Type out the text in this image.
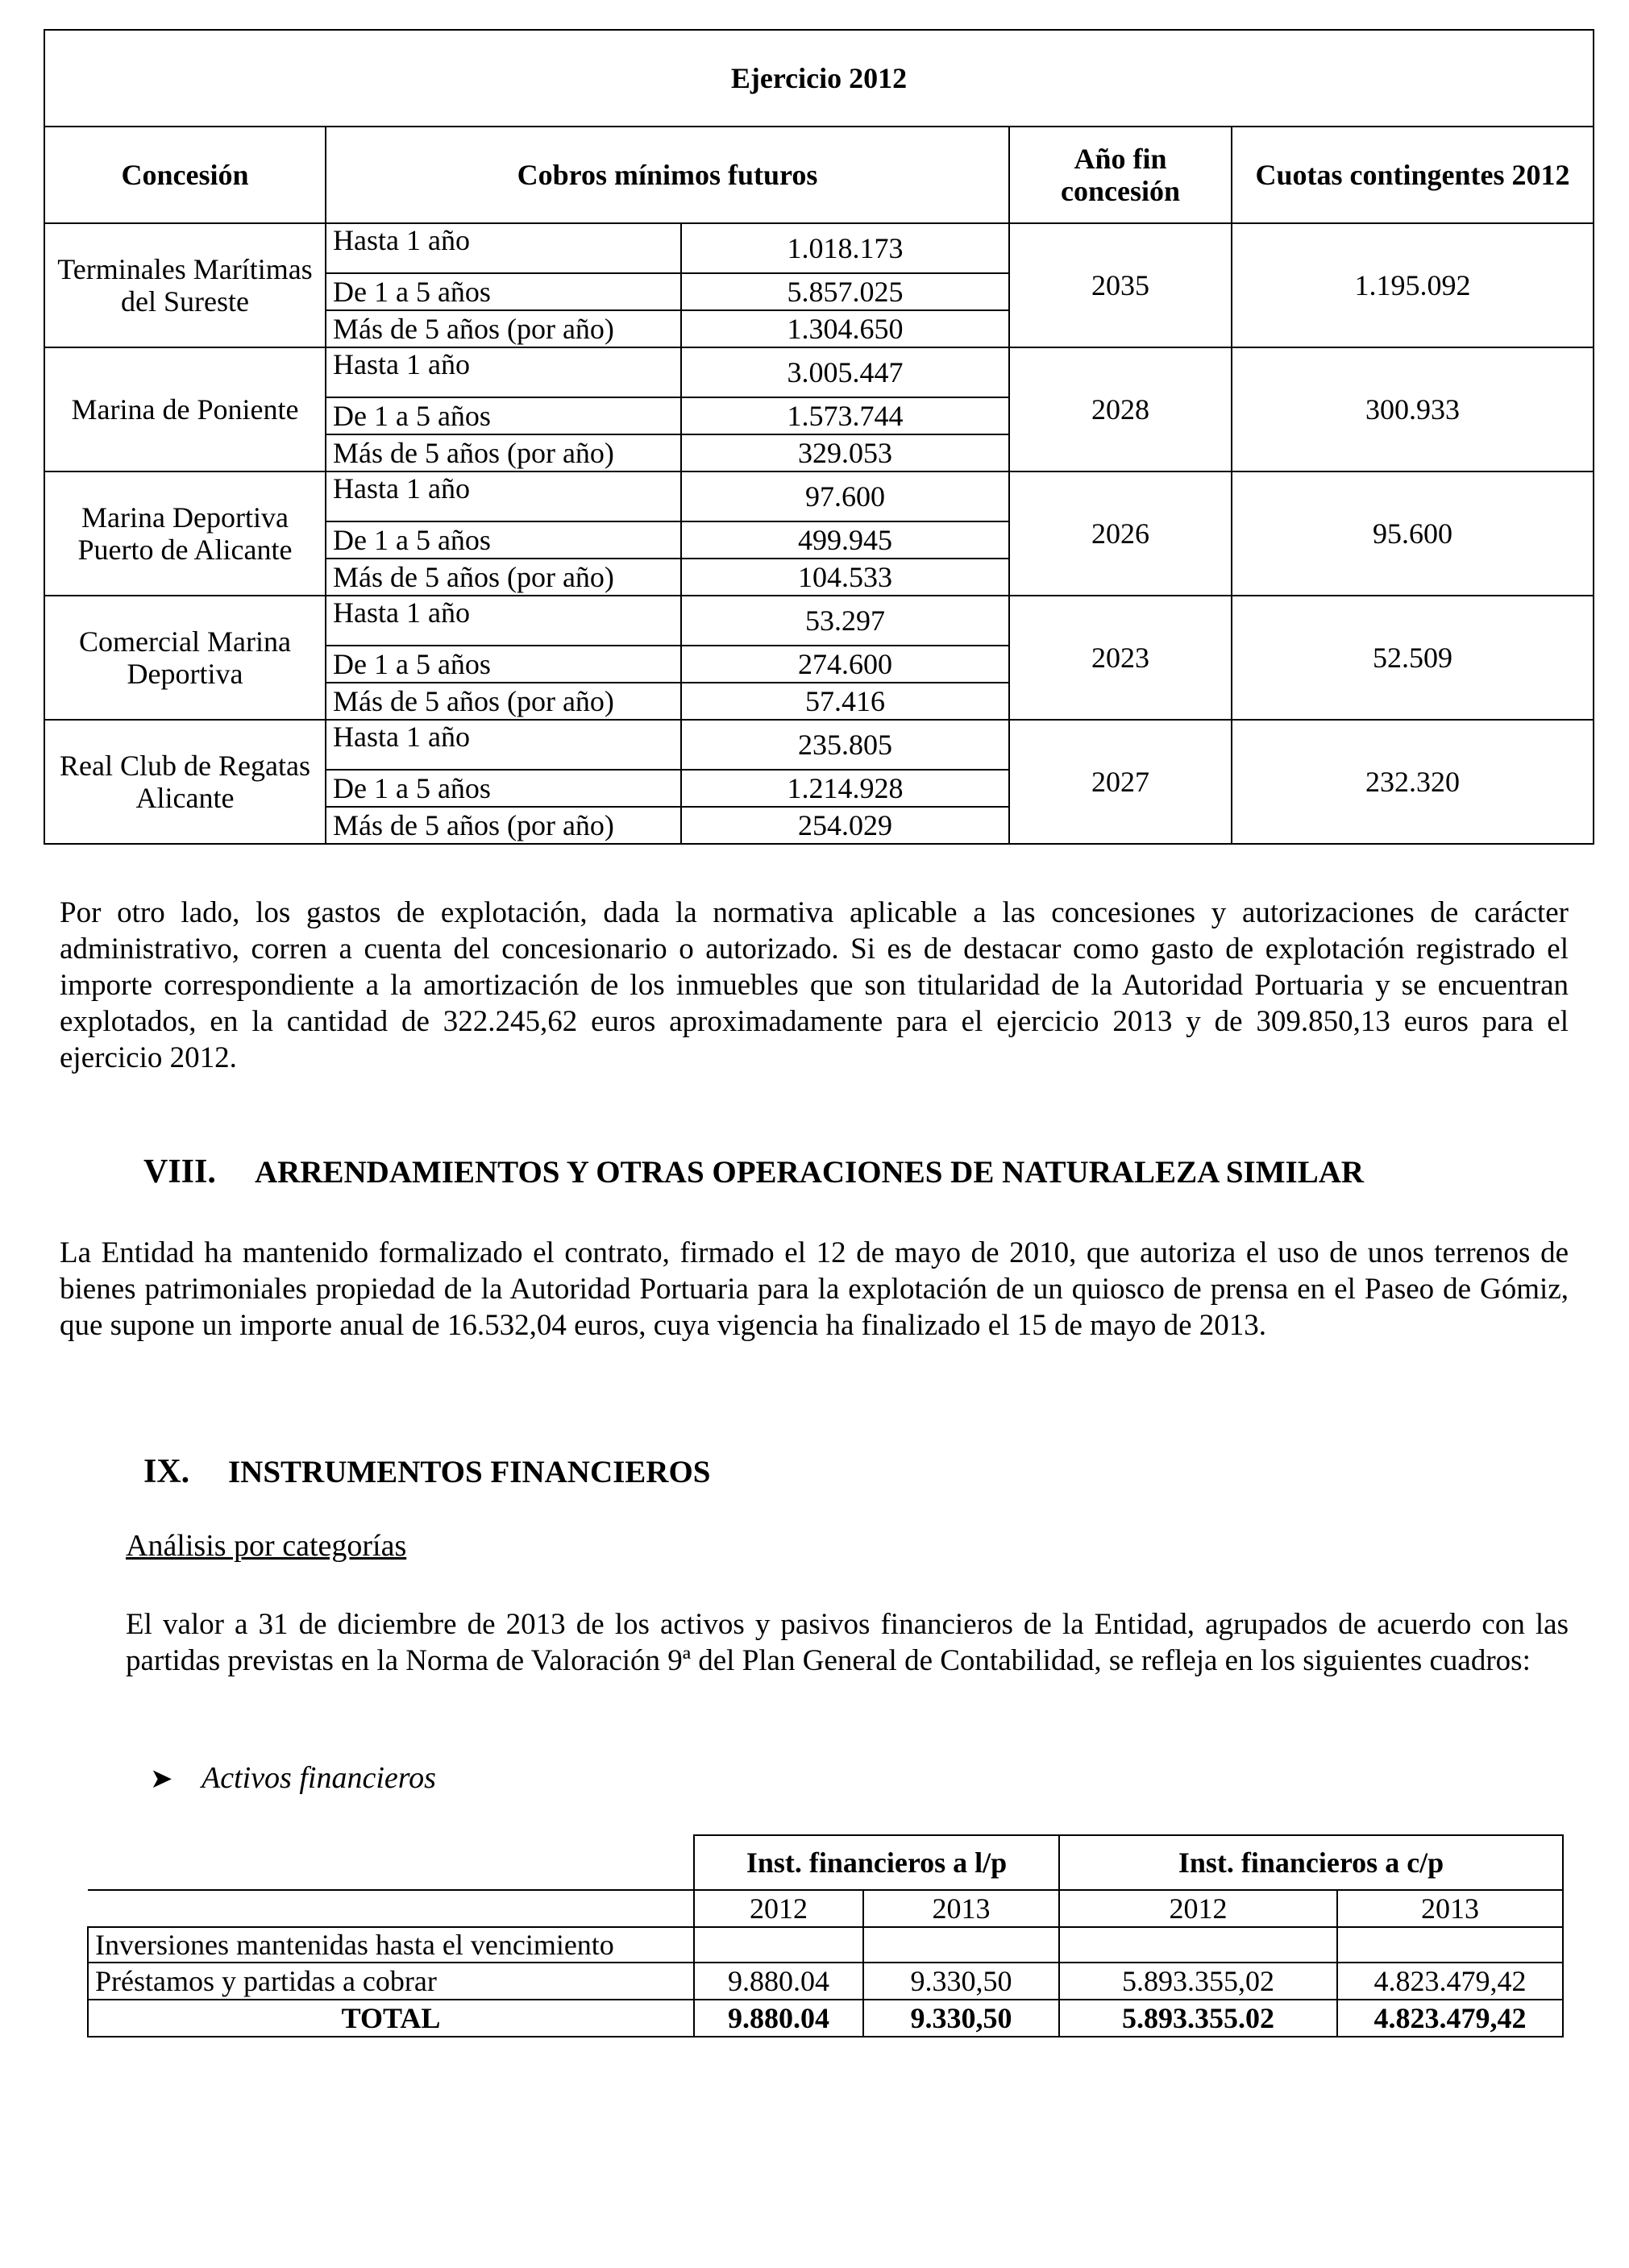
Ejercicio 2012				
Concesión	Cobros mínimos futuros		Año fin concesión	Cuotas contingentes 2012
Terminales Marítimas del Sureste	Hasta 1 año	1.018.173	2035	1.195.092
	De 1 a 5 años	5.857.025		
	Más de 5 años (por año)	1.304.650		
Marina de Poniente	Hasta 1 año	3.005.447	2028	300.933
	De 1 a 5 años	1.573.744		
	Más de 5 años (por año)	329.053		
Marina Deportiva Puerto de Alicante	Hasta 1 año	97.600	2026	95.600
	De 1 a 5 años	499.945		
	Más de 5 años (por año)	104.533		
Comercial Marina Deportiva	Hasta 1 año	53.297	2023	52.509
	De 1 a 5 años	274.600		
	Más de 5 años (por año)	57.416		
Real Club de Regatas Alicante	Hasta 1 año	235.805	2027	232.320
	De 1 a 5 años	1.214.928		
	Más de 5 años (por año)	254.029		

Por otro lado, los gastos de explotación, dada la normativa aplicable a las concesiones y autorizaciones de carácter administrativo, corren a cuenta del concesionario o autorizado. Si es de destacar como gasto de explotación registrado el importe correspondiente a la amortización de los inmuebles que son titularidad de la Autoridad Portuaria y se encuentran explotados, en la cantidad de 322.245,62 euros aproximadamente para el ejercicio 2013 y de 309.850,13 euros para el ejercicio 2012.

VIII. ARRENDAMIENTOS Y OTRAS OPERACIONES DE NATURALEZA SIMILAR

La Entidad ha mantenido formalizado el contrato, firmado el 12 de mayo de 2010, que autoriza el uso de unos terrenos de bienes patrimoniales propiedad de la Autoridad Portuaria para la explotación de un quiosco de prensa en el Paseo de Gómiz, que supone un importe anual de 16.532,04 euros, cuya vigencia ha finalizado el 15 de mayo de 2013.

IX. INSTRUMENTOS FINANCIEROS
Análisis por categorías

El valor a 31 de diciembre de 2013 de los activos y pasivos financieros de la Entidad, agrupados de acuerdo con las partidas previstas en la Norma de Valoración 9ª del Plan General de Contabilidad, se refleja en los siguientes cuadros:

➤ Activos financieros
	Inst. financieros a l/p		Inst. financieros a c/p	
	2012	2013	2012	2013
Inversiones mantenidas hasta el vencimiento				
Préstamos y partidas a cobrar	9.880.04	9.330,50	5.893.355,02	4.823.479,42
TOTAL	9.880.04	9.330,50	5.893.355.02	4.823.479,42
